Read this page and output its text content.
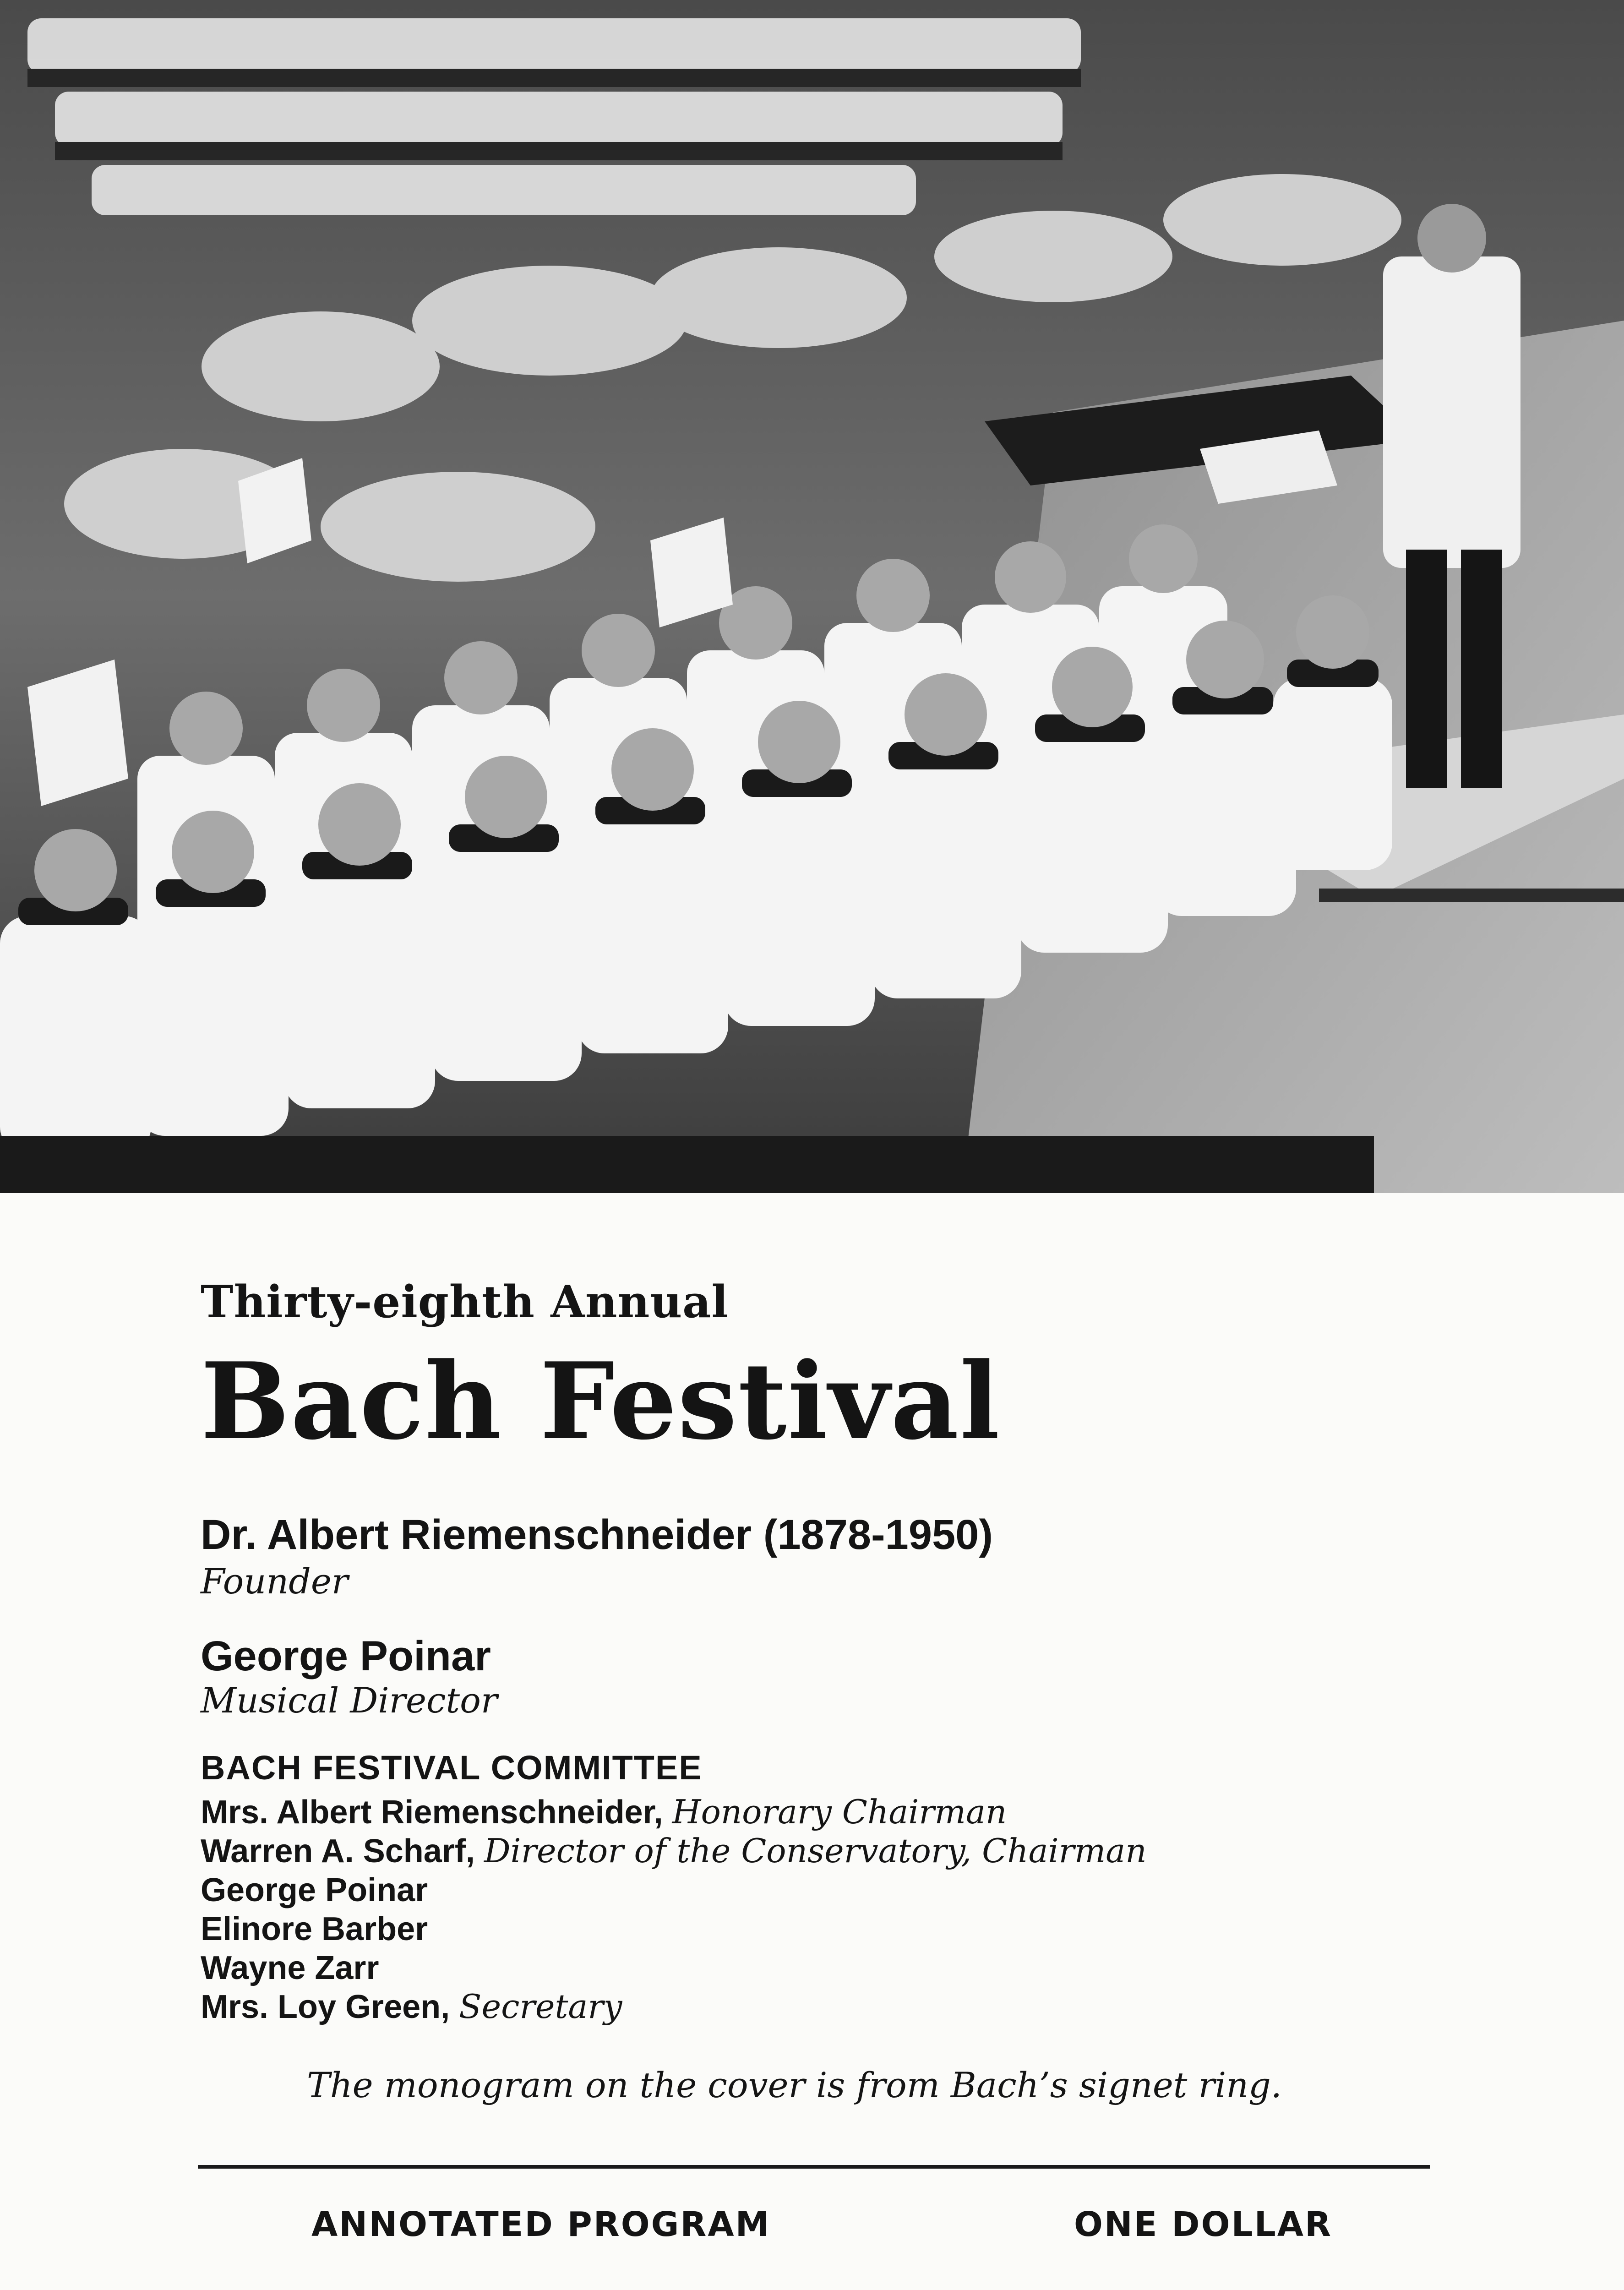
Thirty-eighth Annual

Bach Festival

Dr. Albert Riemenschneider (1878-1950)

Founder

George Poinar

Musical Director

BACH FESTIVAL COMMITTEE

Mrs. Albert Riemenschneider, Honorary Chairman

Warren A. Scharf, Director of the Conservatory, Chairman

George Poinar

Elinore Barber

Wayne Zarr

Mrs. Loy Green, Secretary

The monogram on the cover is from Bach’s signet ring.

ANNOTATED PROGRAM	ONE DOLLAR
